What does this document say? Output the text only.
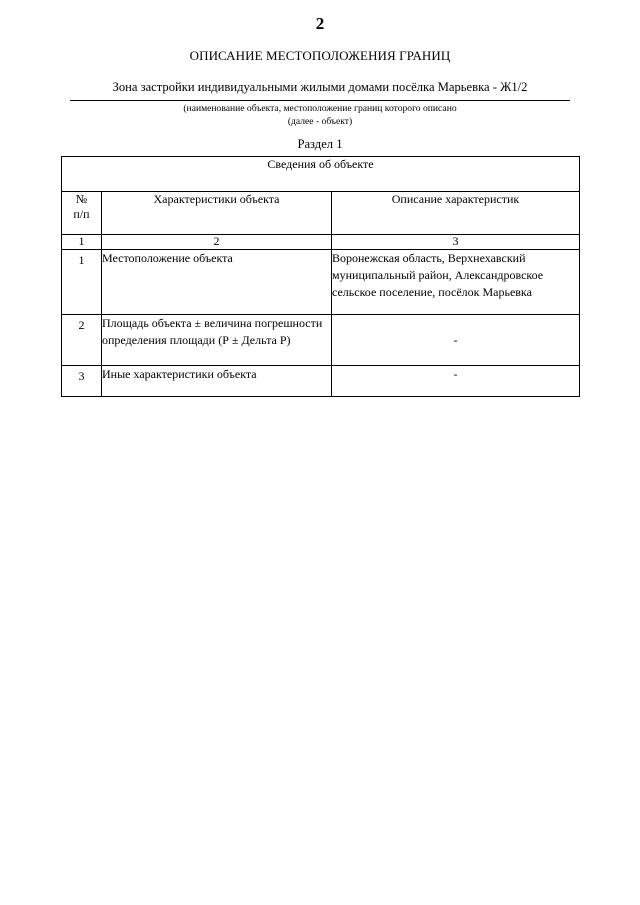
2
ОПИСАНИЕ МЕСТОПОЛОЖЕНИЯ ГРАНИЦ
Зона застройки индивидуальными жилыми домами посёлка Марьевка - Ж1/2
(наименование объекта, местоположение границ которого описано
(далее - объект)
Раздел 1
Сведения об объекте		

№
п/п	Характеристики объекта	Описание характеристик
1	2	3
1	Местоположение объекта	Воронежская область, Верхнехавский муниципальный район, Александровское сельское поселение, посёлок Марьевка
2	Площадь объекта ± величина погрешности определения площади (Р ± Дельта Р)	-
3	Иные характеристики объекта	-
